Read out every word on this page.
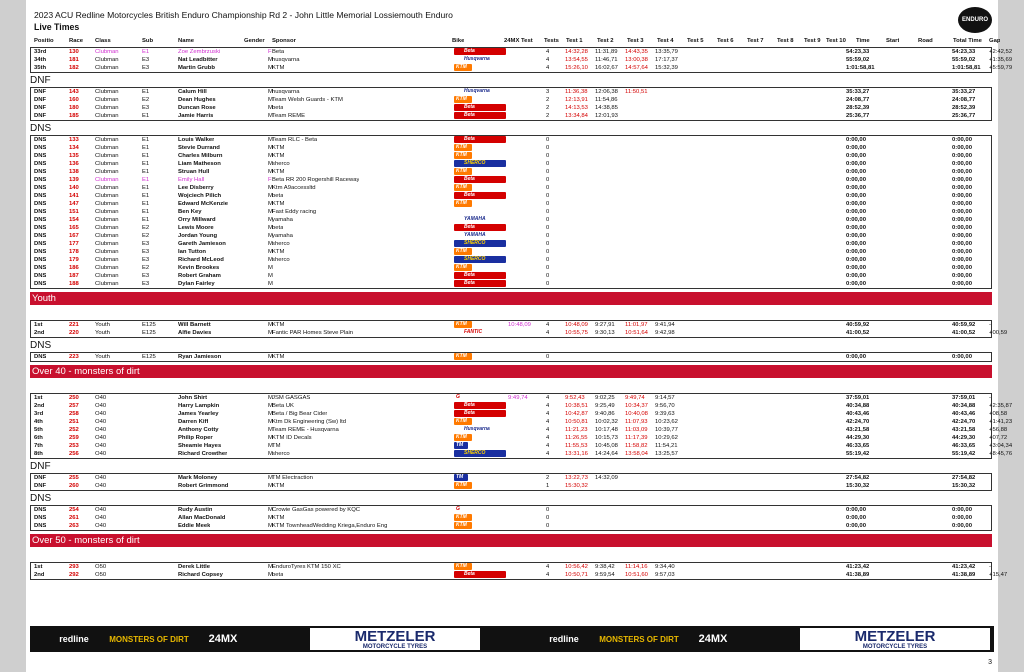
2023 ACU Redline Motorcycles British Enduro Championship Rd 2 - John Little Memorial Lossiemouth Enduro
Live Times
ENDURO
Positio	Race Class	Sub	Name	Gender Sponsor	Bike	24MX Test Tests Test 1 Test 2 Test 3 Test 4 Test 5 Test 6 Test 7 Test 8 Test 9 Test 10 Time	Start	Road	Total Time Gap
33rd	130	Clubman	E1	Zoe Zembrzuski	F Beta	Beta	4	14:32,28 11:31,89 14:43,35 13:35,79	54:23,33	54:23,33 +2:42,52
34th	181	Clubman	E3	Nat Leadbitter	M husqvarna	Husqvarna	4	13:54,55 11:46,71 13:00,38 17:17,37	55:59,02	55:59,02 +1:35,69
35th	182	Clubman	E3	Martin Grubb	M KTM	KTM	4	15:26,10 16:02,67 14:57,64 15:32,39	1:01:58,81	1:01:58,81 +5:59,79
DNF
DNF	143	Clubman	E1	Calum Hill	M husqvarna	Husqvarna	3	11:36,38 12:06,38 11:50,51	35:33,27	35:33,27
DNF	160	Clubman	E2	Dean Hughes	M Team Welsh Guards - KTM	KTM	2	12:13,91 11:54,86	24:08,77	24:08,77
DNF	180	Clubman	E3	Duncan Rose	M beta	Beta	2	14:13,53 14:38,85	28:52,39	28:52,39
DNF	185	Clubman	E1	Jamie Harris	M Team REME	Beta	2	13:34,84 12:01,93	25:36,77	25:36,77
DNS
DNS	133	Clubman	E1	Louis Walker	M Team RLC - Beta	Beta	0	0:00,00	0:00,00
DNS	134	Clubman	E1	Stevie Durrand	M KTM	KTM	0	0:00,00	0:00,00
DNS	135	Clubman	E1	Charles Milburn	M KTM	KTM	0	0:00,00	0:00,00
DNS	136	Clubman	E1	Liam Matheson	M sherco	SHERCO	0	0:00,00	0:00,00
DNS	138	Clubman	E1	Struan Hull	M KTM	KTM	0	0:00,00	0:00,00
DNS	139	Clubman	E1	Emily Hall	F Beta RR 200 Rogershill Raceway	Beta	0	0:00,00	0:00,00
DNS	140	Clubman	E1	Lee Disberry	M Ktm A9accessltd	KTM	0	0:00,00	0:00,00
DNS	141	Clubman	E1	Wojciech Pilich	M beta	Beta	0	0:00,00	0:00,00
DNS	147	Clubman	E1	Edward McKenzie	M KTM	KTM	0	0:00,00	0:00,00
DNS	151	Clubman	E1	Ben Key	M Fast Eddy racing	0	0:00,00	0:00,00
DNS	154	Clubman	E1	Orry Millward	M yamaha	YAMAHA	0	0:00,00	0:00,00
DNS	165	Clubman	E2	Lewis Moore	M beta	Beta	0	0:00,00	0:00,00
DNS	167	Clubman	E2	Jordan Young	M yamaha	YAMAHA	0	0:00,00	0:00,00
DNS	177	Clubman	E3	Gareth Jamieson	M sherco	SHERCO	0	0:00,00	0:00,00
DNS	178	Clubman	E3	Ian Tutton	M KTM	KTM	0	0:00,00	0:00,00
DNS	179	Clubman	E3	Richard McLeod	M sherco	SHERCO	0	0:00,00	0:00,00
DNS	186	Clubman	E2	Kevin Brookes	M	KTM	0	0:00,00	0:00,00
DNS	187	Clubman	E3	Robert Graham	M	Beta	0	0:00,00	0:00,00
DNS	188	Clubman	E3	Dylan Fairley	M	Beta	0	0:00,00	0:00,00
Youth
1st	221	Youth	E125	Will Barnett	M KTM	KTM	10:48,09	4	10:48,09 9:27,91 11:01,97 9:41,94	40:59,92	40:59,92 -
2nd	220	Youth	E125	Alfie Davies	M Fantic PAR Homes Steve Plain	FANTIC	4	10:55,75 9:30,13 10:51,64 9:42,98	41:00,52	41:00,52 +00,59
DNS
DNS	223	Youth	E125	Ryan Jamieson	M KTM	KTM	0	0:00,00	0:00,00
Over 40 - monsters of dirt
1st	250	O40	John Shirt	M JSM GASGAS	G	9:49,74	4	9:52,43 9:02,25 9:49,74 9:14,57	37:59,01	37:59,01 -
2nd	257	O40	Harry Lampkin	M Beta UK	Beta	4	10:38,51 9:25,49 10:34,37 9:56,70	40:34,88	40:34,88 +2:35,87
3rd	258	O40	James Yearley	M Beta / Big Bear Cider	Beta	4	10:42,87 9:40,86 10:40,08 9:39,63	40:43,46	40:43,46 +08,58
4th	251	O40	Darren Kiff	M Ktm Dk Engineering (Sw) ltd	KTM	4	10:50,81 10:02,32 11:07,93 10:23,62	42:24,70	42:24,70 +1:41,23
5th	252	O40	Anthony Cotty	M Team REME - Husqvarna	Husqvarna	4	11:21,23 10:17,48 11:03,09 10:39,77	43:21,58	43:21,58 +56,88
6th	259	O40	Philip Roper	M KTM ID Decals	KTM	4	11:26,55 10:15,73 11:17,39 10:29,62	44:29,30	44:29,30 +07,72
7th	253	O40	Sheamie Hayes	M TM	TM	4	11:55,53 10:45,08 11:58,82 11:54,21	46:33,65	46:33,65 +3:04,34
8th	256	O40	Richard Crowther	M sherco	SHERCO	4	13:31,16 14:24,64 13:58,04 13:25,57	55:19,42	55:19,42 +8:45,76
DNF
DNF	255	O40	Mark Moloney	M TM Electraction	TM	2	13:22,73 14:32,09	27:54,82	27:54,82
DNF	260	O40	Robert Grimmond	M KTM	KTM	1	15:30,32	15:30,32	15:30,32
DNS
DNS	254	O40	Rudy Austin	M Crowie GasGas powered by KQC	G	0	0:00,00	0:00,00
DNS	261	O40	Allan MacDonald	M KTM	KTM	0	0:00,00	0:00,00
DNS	263	O40	Eddie Meek	M KTM TownheadWedding Kriega,Enduro Eng	KTM	0	0:00,00	0:00,00
Over 50 - monsters of dirt
1st	293	O50	Derek Little	M EnduroTyres KTM 150 XC	KTM	4	10:56,42 9:38,42 11:14,16 9:34,40	41:23,42	41:23,42 -
2nd	292	O50	Richard Copsey	M beta	Beta	4	10:50,71 9:59,54 10:51,60 9:57,03	41:38,89	41:38,89 +15,47
redline	MONSTERS OF DIRT	24MX	METZELER
MOTORCYCLE TYRES
redline	MONSTERS OF DIRT	24MX	METZELER
MOTORCYCLE TYRES
3
